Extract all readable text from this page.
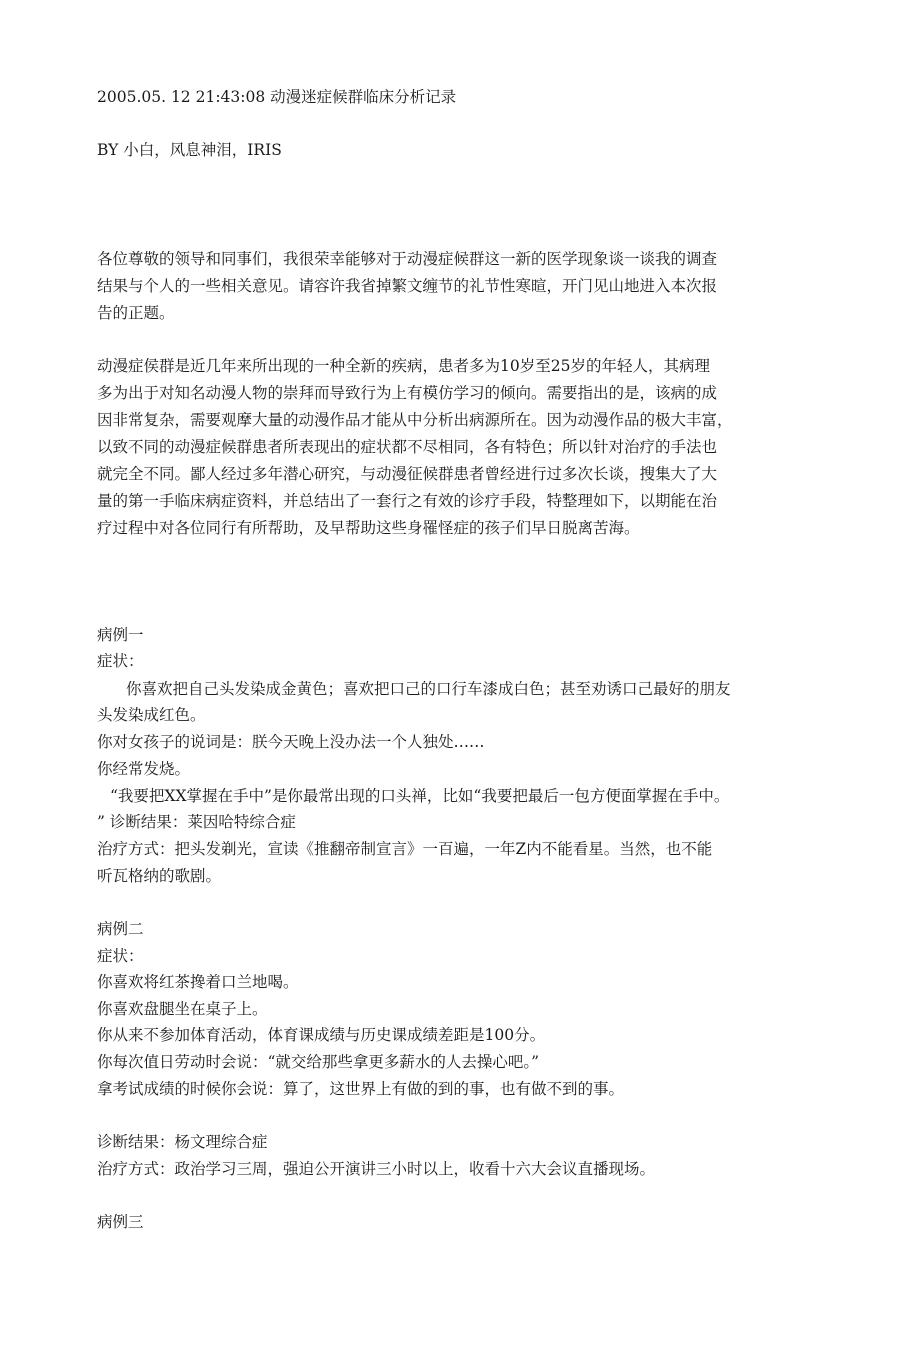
2005.05. 12 21:43:08 动漫迷症候群临床分析记录
BY 小白，风息神泪，IRIS
各位尊敬的领导和同事们，我很荣幸能够对于动漫症候群这一新的医学现象谈一谈我的调查
结果与个人的一些相关意见。请容许我省掉繁文缠节的礼节性寒暄，开门见山地进入本次报
告的正题。
动漫症侯群是近几年来所出现的一种全新的疾病，患者多为10岁至25岁的年轻人，其病理
多为出于对知名动漫人物的崇拜而导致行为上有模仿学习的倾向。需要指出的是，该病的成
因非常复杂，需要观摩大量的动漫作品才能从中分析出病源所在。因为动漫作品的极大丰富，
以致不同的动漫症候群患者所表现出的症状都不尽相同，各有特色；所以针对治疗的手法也
就完全不同。鄙人经过多年潜心研究，与动漫征候群患者曾经进行过多次长谈，搜集大了大
量的第一手临床病症资料，并总结出了一套行之有效的诊疗手段，特整理如下，以期能在治
疗过程中对各位同行有所帮助，及早帮助这些身罹怪症的孩子们早日脱离苦海。
病例一
症状：
你喜欢把自己头发染成金黄色；喜欢把口己的口行车漆成白色；甚至劝诱口己最好的朋友
头发染成红色。
你对女孩子的说词是：朕今天晚上没办法一个人独处……
你经常发烧。
“我要把XX掌握在手中”是你最常出现的口头禅，比如“我要把最后一包方便面掌握在手中。
” 诊断结果：莱因哈特综合症
治疗方式：把头发剃光，宣读《推翻帝制宣言》一百遍，一年Z内不能看星。当然，也不能
听瓦格纳的歌剧。
病例二
症状：
你喜欢将红茶搀着口兰地喝。
你喜欢盘腿坐在桌子上。
你从来不参加体育活动，体育课成绩与历史课成绩差距是100分。
你每次值日劳动时会说：“就交给那些拿更多薪水的人去操心吧。”
拿考试成绩的时候你会说：算了，这世界上有做的到的事，也有做不到的事。
诊断结果：杨文理综合症
治疗方式：政治学习三周，强迫公开演讲三小时以上，收看十六大会议直播现场。
病例三
